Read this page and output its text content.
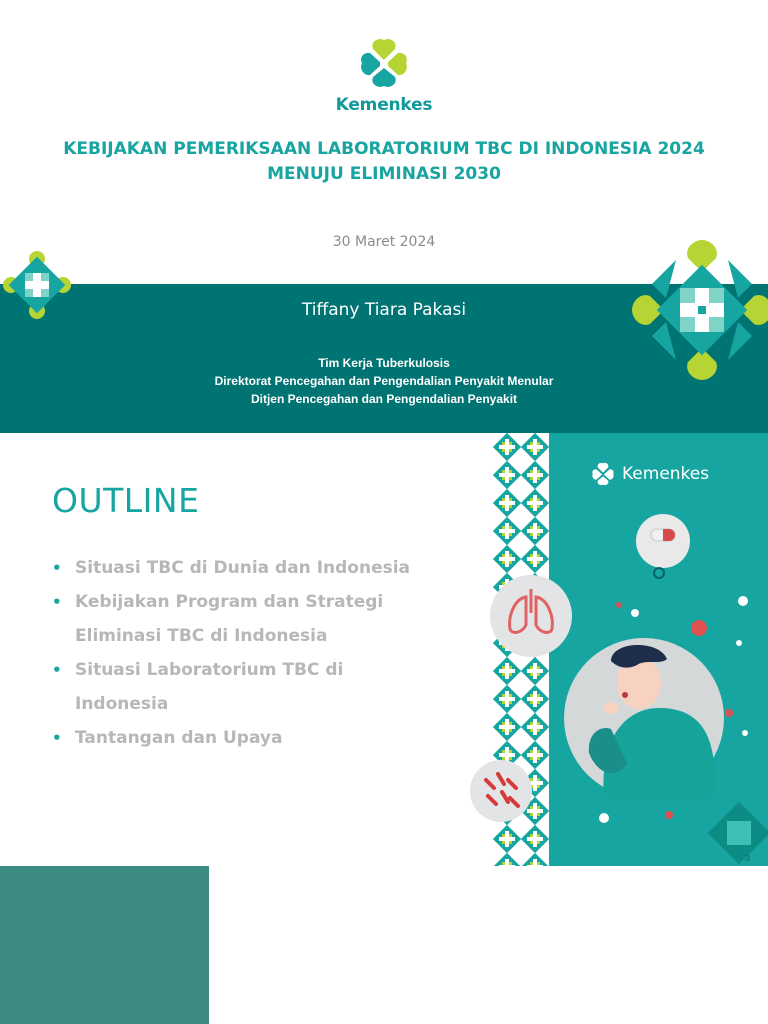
Kemenkes
KEBIJAKAN PEMERIKSAAN LABORATORIUM TBC DI INDONESIA 2024
MENUJU ELIMINASI 2030
30 Maret 2024
Tiffany Tiara Pakasi
Tim Kerja Tuberkulosis
Direktorat Pencegahan dan Pengendalian Penyakit Menular
Ditjen Pencegahan dan Pengendalian Penyakit
OUTLINE
• Situasi TBC di Dunia dan Indonesia
• Kebijakan Program dan Strategi Eliminasi TBC di Indonesia
• Situasi Laboratorium TBC di Indonesia
• Tantangan dan Upaya
Kemenkes
3
